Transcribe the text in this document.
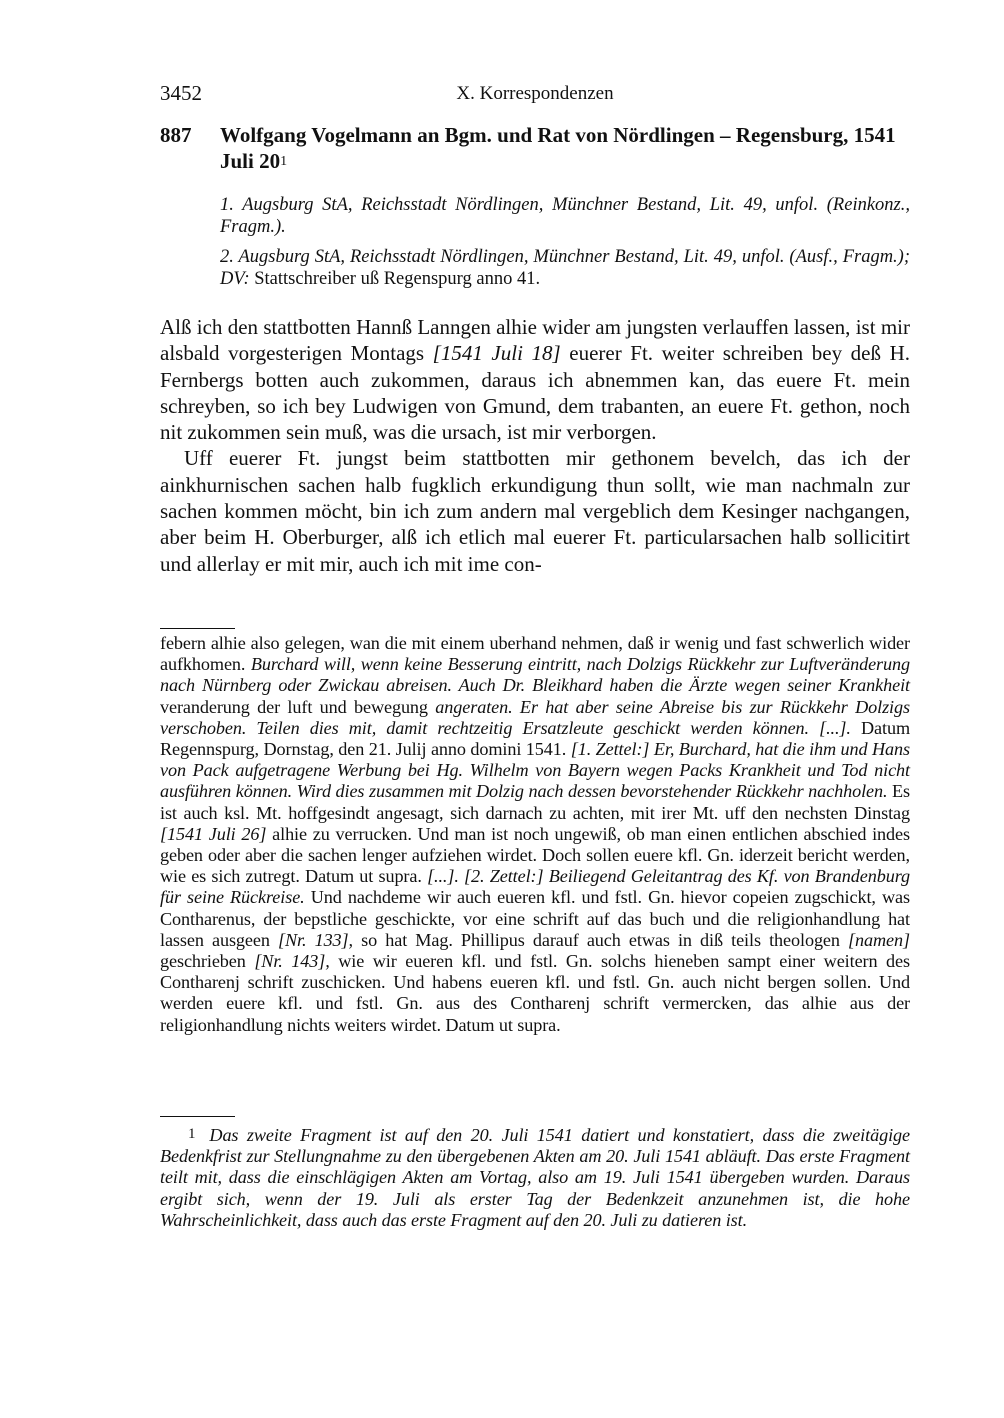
3452	X. Korrespondenzen
887 Wolfgang Vogelmann an Bgm. und Rat von Nördlingen – Regensburg, 1541 Juli $20^1$

1. Augsburg StA, Reichsstadt Nördlingen, Münchner Bestand, Lit. 49, unfol. (Reinkonz., Fragm.).

2. Augsburg StA, Reichsstadt Nördlingen, Münchner Bestand, Lit. 49, unfol. (Ausf., Fragm.); DV: Stattschreiber uß Regenspurg anno 41.

Alß ich den stattbotten Hannß Lanngen alhie wider am jungsten verlauffen lassen, ist mir alsbald vorgesterigen Montags [1541 Juli 18] euerer Ft. weiter schreiben bey deß H. Fernbergs botten auch zukommen, daraus ich abnemmen kan, das euere Ft. mein schreyben, so ich bey Ludwigen von Gmund, dem trabanten, an euere Ft. gethon, noch nit zukommen sein muß, was die ursach, ist mir verborgen.

Uff euerer Ft. jungst beim stattbotten mir gethonem bevelch, das ich der ainkhurnischen sachen halb fugklich erkundigung thun sollt, wie man nachmaln zur sachen kommen möcht, bin ich zum andern mal vergeblich dem Kesinger nachgangen, aber beim H. Oberburger, alß ich etlich mal euerer Ft. particularsachen halb sollicitirt und allerlay er mit mir, auch ich mit ime con-

febern alhie also gelegen, wan die mit einem uberhand nehmen, daß ir wenig und fast schwerlich wider aufkhomen. Burchard will, wenn keine Besserung eintritt, nach Dolzigs Rückkehr zur Luftveränderung nach Nürnberg oder Zwickau abreisen. Auch Dr. Bleikhard haben die Ärzte wegen seiner Krankheit veranderung der luft und bewegung angeraten. Er hat aber seine Abreise bis zur Rückkehr Dolzigs verschoben. Teilen dies mit, damit rechtzeitig Ersatzleute geschickt werden können. [...]. Datum Regennspurg, Dornstag, den 21. Julij anno domini 1541. [1. Zettel:] Er, Burchard, hat die ihm und Hans von Pack aufgetragene Werbung bei Hg. Wilhelm von Bayern wegen Packs Krankheit und Tod nicht ausführen können. Wird dies zusammen mit Dolzig nach dessen bevorstehender Rückkehr nachholen. Es ist auch ksl. Mt. hoffgesindt angesagt, sich darnach zu achten, mit irer Mt. uff den nechsten Dinstag [1541 Juli 26] alhie zu verrucken. Und man ist noch ungewiß, ob man einen entlichen abschied indes geben oder aber die sachen lenger aufziehen wirdet. Doch sollen euere kfl. Gn. iderzeit bericht werden, wie es sich zutregt. Datum ut supra. [...]. [2. Zettel:] Beiliegend Geleitantrag des Kf. von Brandenburg für seine Rückreise. Und nachdeme wir auch eueren kfl. und fstl. Gn. hievor copeien zugschickt, was Contharenus, der bepstliche geschickte, vor eine schrift auf das buch und die religionhandlung hat lassen ausgeen [Nr. 133], so hat Mag. Phillipus darauf auch etwas in diß teils theologen [namen] geschrieben [Nr. 143], wie wir eueren kfl. und fstl. Gn. solchs hieneben sampt einer weitern des Contharenj schrift zuschicken. Und habens eueren kfl. und fstl. Gn. auch nicht bergen sollen. Und werden euere kfl. und fstl. Gn. aus des Contharenj schrift vermercken, das alhie aus der religionhandlung nichts weiters wirdet. Datum ut supra.

1 Das zweite Fragment ist auf den 20. Juli 1541 datiert und konstatiert, dass die zweitägige Bedenkfrist zur Stellungnahme zu den übergebenen Akten am 20. Juli 1541 abläuft. Das erste Fragment teilt mit, dass die einschlägigen Akten am Vortag, also am 19. Juli 1541 übergeben wurden. Daraus ergibt sich, wenn der 19. Juli als erster Tag der Bedenkzeit anzunehmen ist, die hohe Wahrscheinlichkeit, dass auch das erste Fragment auf den 20. Juli zu datieren ist.
